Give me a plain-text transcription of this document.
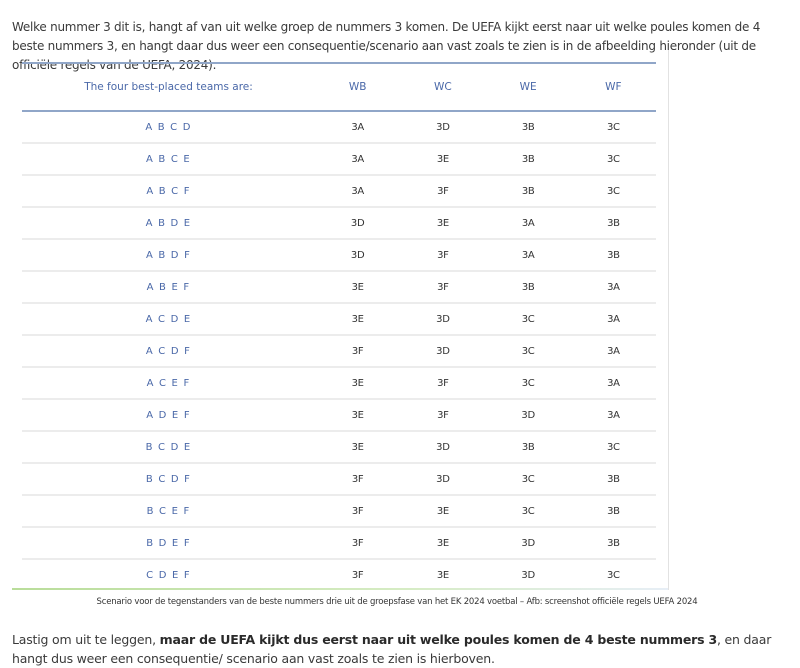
Welke nummer 3 dit is, hangt af van uit welke groep de nummers 3 komen. De UEFA kijkt eerst naar uit welke poules komen de 4 beste nummers 3, en hangt daar dus weer een consequentie/scenario aan vast zoals te zien is in de afbeelding hieronder (uit de officiële regels van de UEFA, 2024).

The four best-placed teams are:	WB	WC	WE	WF
A B C D	3A	3D	3B	3C
A B C E	3A	3E	3B	3C
A B C F	3A	3F	3B	3C
A B D E	3D	3E	3A	3B
A B D F	3D	3F	3A	3B
A B E F	3E	3F	3B	3A
A C D E	3E	3D	3C	3A
A C D F	3F	3D	3C	3A
A C E F	3E	3F	3C	3A
A D E F	3E	3F	3D	3A
B C D E	3E	3D	3B	3C
B C D F	3F	3D	3C	3B
B C E F	3F	3E	3C	3B
B D E F	3F	3E	3D	3B
C D E F	3F	3E	3D	3C
Scenario voor de tegenstanders van de beste nummers drie uit de groepsfase van het EK 2024 voetbal – Afb: screenshot officiële regels UEFA 2024

Lastig om uit te leggen, maar de UEFA kijkt dus eerst naar uit welke poules komen de 4 beste nummers 3, en daar hangt dus weer een consequentie/ scenario aan vast zoals te zien is hierboven.
